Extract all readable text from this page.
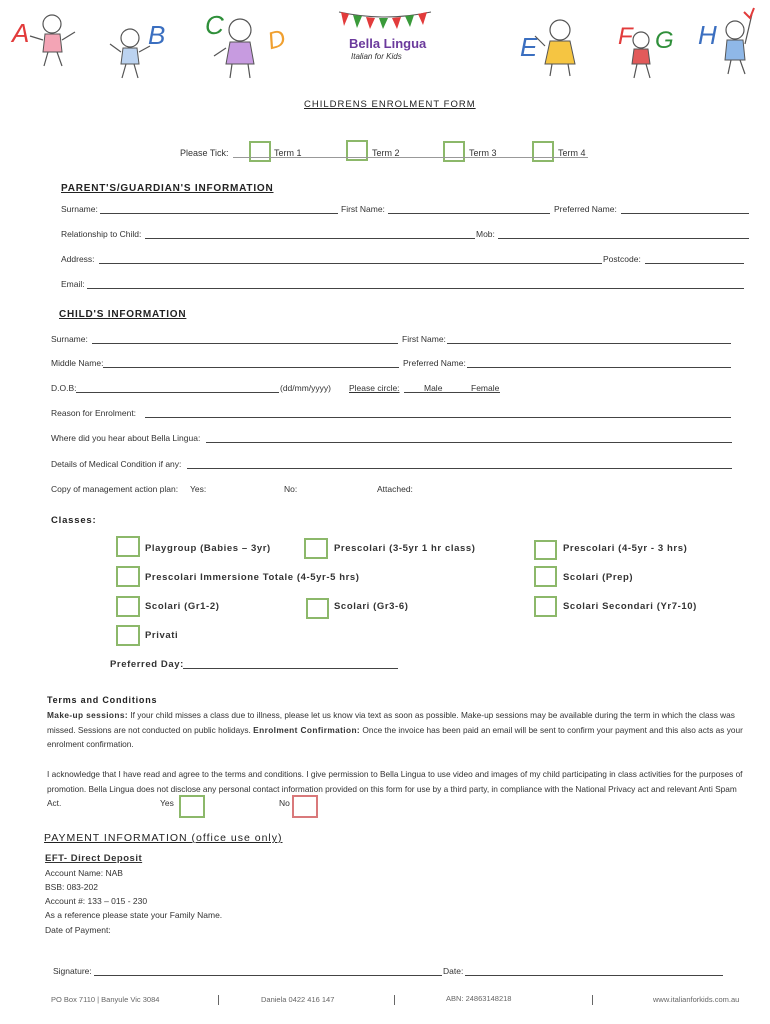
A	B C D	E	F G H
Bella Lingua
Italian for Kids
CHILDRENS ENROLMENT FORM
Please Tick:	Term 1	Term 2	Term 3	Term 4
PARENT'S/GUARDIAN'S INFORMATION
Surname:	First Name:	Preferred Name:
Relationship to Child:	Mob:
Address:	Postcode:
Email:
CHILD'S INFORMATION
Surname:	First Name:
Middle Name:	Preferred Name:
D.O.B:	(dd/mm/yyyy) Please circle:	Male	Female
Reason for Enrolment:
Where did you hear about Bella Lingua:
Details of Medical Condition if any:
Copy of management action plan: Yes:	No:	Attached:
Classes:
Playgroup (Babies – 3yr)	Prescolari (3-5yr 1 hr class)	Prescolari (4-5yr - 3 hrs)
Prescolari Immersione Totale (4-5yr-5 hrs)	Scolari (Prep)
Scolari (Gr1-2)	Scolari (Gr3-6)	Scolari Secondari (Yr7-10)
Privati
Preferred Day:
Terms and Conditions
Make-up sessions: If your child misses a class due to illness, please let us know via text as soon as possible. Make-up sessions may be available during the term in which the class was missed. Sessions are not conducted on public holidays. Enrolment Confirmation: Once the invoice has been paid an email will be sent to confirm your payment and this also acts as your enrolment confirmation.
I acknowledge that I have read and agree to the terms and conditions. I give permission to Bella Lingua to use video and images of my child participating in class activities for the purposes of promotion. Bella Lingua does not disclose any personal contact information provided on this form for use by a third party, in compliance with the National Privacy act and relevant Anti Spam Act.	Yes	No
PAYMENT INFORMATION (office use only)
EFT- Direct Deposit
Account Name: NAB
BSB: 083-202
Account #: 133 – 015 - 230
As a reference please state your Family Name.
Date of Payment:
Signature:	Date:
PO Box 7110 | Banyule Vic 3084	Daniela 0422 416 147	ABN: 24863148218	www.italianforkids.com.au
